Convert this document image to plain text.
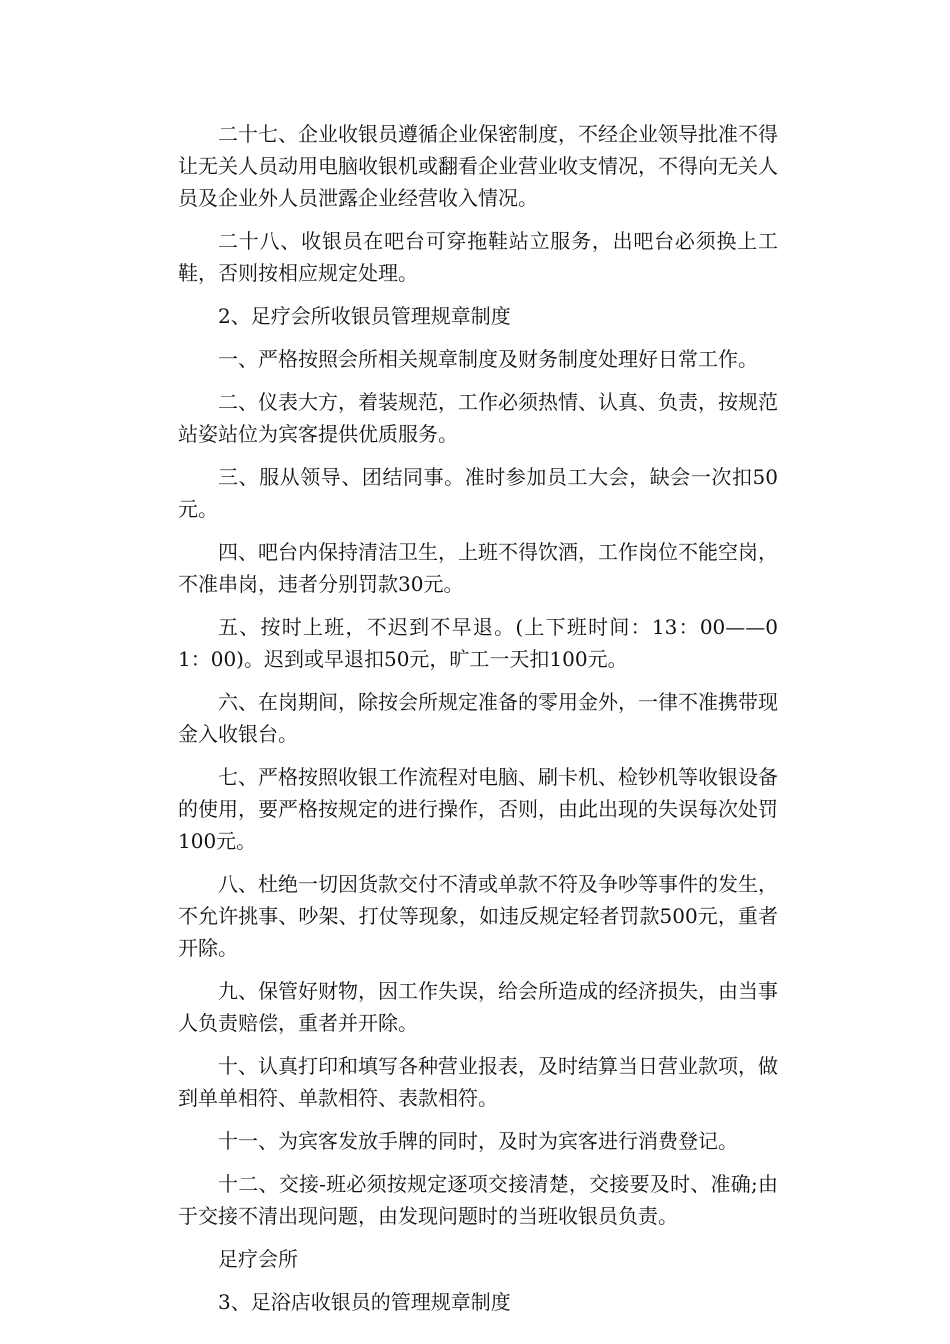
二十七、企业收银员遵循企业保密制度，不经企业领导批准不得让无关人员动用电脑收银机或翻看企业营业收支情况，不得向无关人员及企业外人员泄露企业经营收入情况。

二十八、收银员在吧台可穿拖鞋站立服务，出吧台必须换上工鞋，否则按相应规定处理。

2、足疗会所收银员管理规章制度

一、严格按照会所相关规章制度及财务制度处理好日常工作。

二、仪表大方，着装规范，工作必须热情、认真、负责，按规范站姿站位为宾客提供优质服务。

三、服从领导、团结同事。准时参加员工大会，缺会一次扣50元。

四、吧台内保持清洁卫生，上班不得饮酒，工作岗位不能空岗，不准串岗，违者分别罚款30元。

五、按时上班，不迟到不早退。(上下班时间：13：00——01：00)。迟到或早退扣50元，旷工一天扣100元。

六、在岗期间，除按会所规定准备的零用金外，一律不准携带现金入收银台。

七、严格按照收银工作流程对电脑、刷卡机、检钞机等收银设备的使用，要严格按规定的进行操作，否则，由此出现的失误每次处罚100元。

八、杜绝一切因货款交付不清或单款不符及争吵等事件的发生，不允许挑事、吵架、打仗等现象，如违反规定轻者罚款500元，重者开除。

九、保管好财物，因工作失误，给会所造成的经济损失，由当事人负责赔偿，重者并开除。

十、认真打印和填写各种营业报表，及时结算当日营业款项，做到单单相符、单款相符、表款相符。

十一、为宾客发放手牌的同时，及时为宾客进行消费登记。

十二、交接-班必须按规定逐项交接清楚，交接要及时、准确;由于交接不清出现问题，由发现问题时的当班收银员负责。

足疗会所

3、足浴店收银员的管理规章制度
